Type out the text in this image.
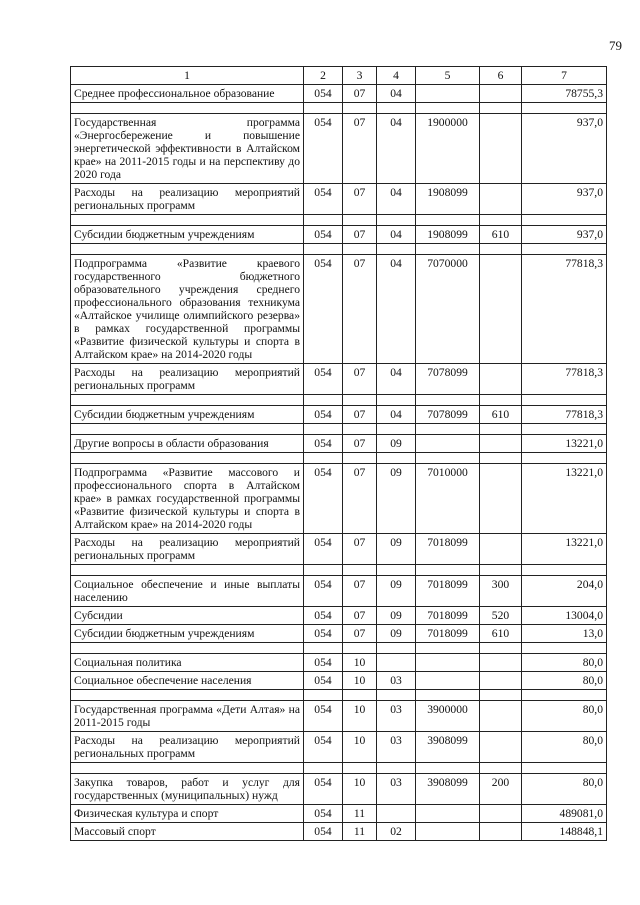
79
1	2	3	4	5	6	7
Среднее профессиональное образование	054	07	04			78755,3

Государственная программа «Энергосбережение и повышение энергетической эффективности в Алтайском крае» на 2011-2015 годы и на перспективу до 2020 года	054	07	04	1900000		937,0
Расходы на реализацию мероприятий региональных программ	054	07	04	1908099		937,0

Субсидии бюджетным учреждениям	054	07	04	1908099	610	937,0

Подпрограмма «Развитие краевого государственного бюджетного образовательного учреждения среднего профессионального образования техникума «Алтайское училище олимпийского резерва» в рамках государственной программы «Развитие физической культуры и спорта в Алтайском крае» на 2014-2020 годы	054	07	04	7070000		77818,3
Расходы на реализацию мероприятий региональных программ	054	07	04	7078099		77818,3

Субсидии бюджетным учреждениям	054	07	04	7078099	610	77818,3

Другие вопросы в области образования	054	07	09			13221,0

Подпрограмма «Развитие массового и профессионального спорта в Алтайском крае» в рамках государственной программы «Развитие физической культуры и спорта в Алтайском крае» на 2014-2020 годы	054	07	09	7010000		13221,0
Расходы на реализацию мероприятий региональных программ	054	07	09	7018099		13221,0

Социальное обеспечение и иные выплаты населению	054	07	09	7018099	300	204,0
Субсидии	054	07	09	7018099	520	13004,0
Субсидии бюджетным учреждениям	054	07	09	7018099	610	13,0

Социальная политика	054	10				80,0
Социальное обеспечение населения	054	10	03			80,0

Государственная программа «Дети Алтая» на 2011-2015 годы	054	10	03	3900000		80,0
Расходы на реализацию мероприятий региональных программ	054	10	03	3908099		80,0

Закупка товаров, работ и услуг для государственных (муниципальных) нужд	054	10	03	3908099	200	80,0
Физическая культура и спорт	054	11				489081,0
Массовый спорт	054	11	02			148848,1
